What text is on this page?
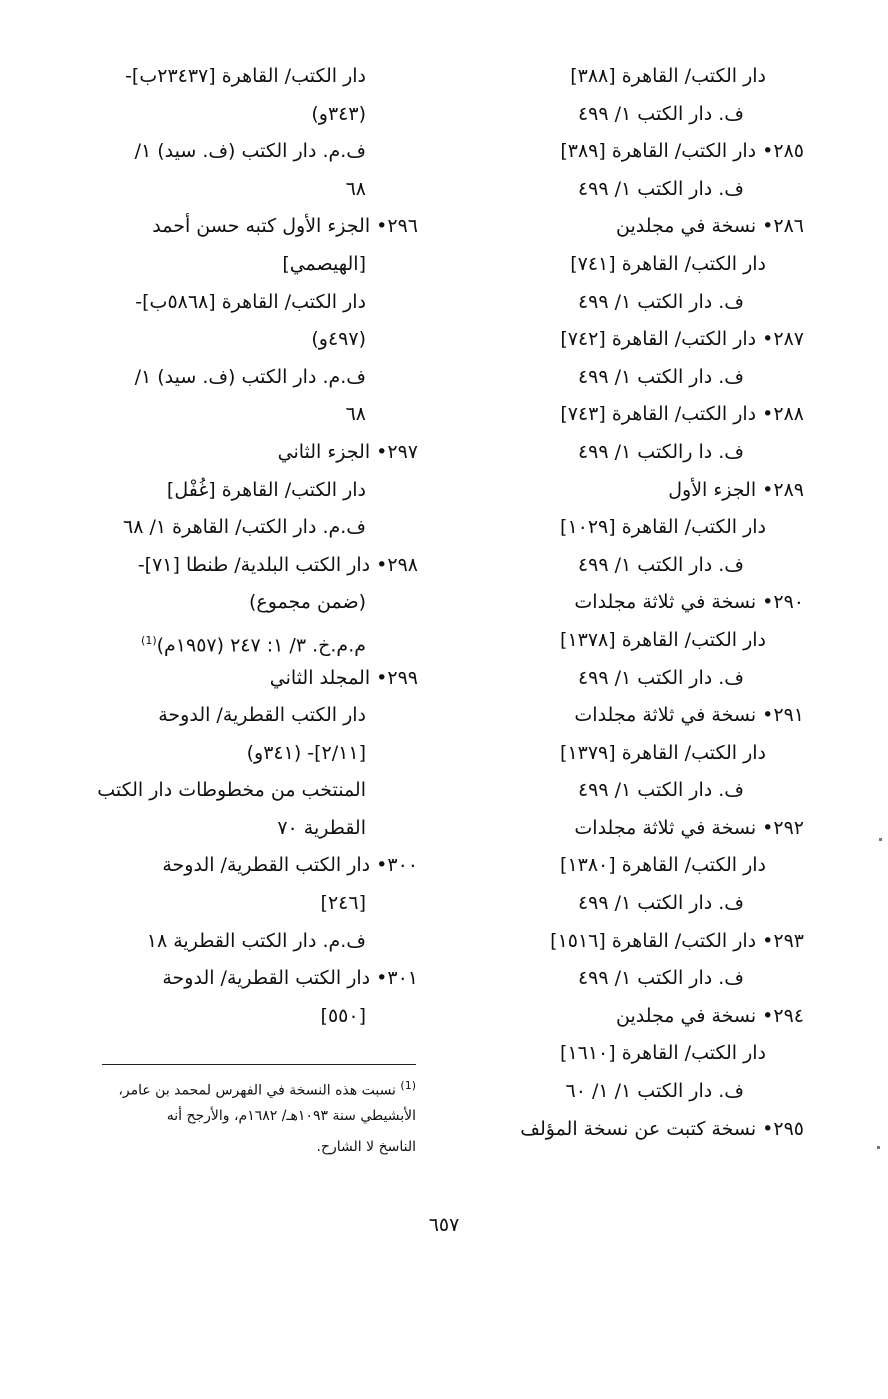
دار الكتب/ القاهرة [٣٨٨]
ف. دار الكتب ١/ ٤٩٩
٢٨٥• دار الكتب/ القاهرة [٣٨٩]
ف. دار الكتب ١/ ٤٩٩
٢٨٦• نسخة في مجلدين
دار الكتب/ القاهرة [٧٤١]
ف. دار الكتب ١/ ٤٩٩
٢٨٧• دار الكتب/ القاهرة [٧٤٢]
ف. دار الكتب ١/ ٤٩٩
٢٨٨• دار الكتب/ القاهرة [٧٤٣]
ف. دا رالكتب ١/ ٤٩٩
٢٨٩• الجزء الأول
دار الكتب/ القاهرة [١٠٢٩]
ف. دار الكتب ١/ ٤٩٩
٢٩٠• نسخة في ثلاثة مجلدات
دار الكتب/ القاهرة [١٣٧٨]
ف. دار الكتب ١/ ٤٩٩
٢٩١• نسخة في ثلاثة مجلدات
دار الكتب/ القاهرة [١٣٧٩]
ف. دار الكتب ١/ ٤٩٩
٢٩٢• نسخة في ثلاثة مجلدات
دار الكتب/ القاهرة [١٣٨٠]
ف. دار الكتب ١/ ٤٩٩
٢٩٣• دار الكتب/ القاهرة [١٥١٦]
ف. دار الكتب ١/ ٤٩٩
٢٩٤• نسخة في مجلدين
دار الكتب/ القاهرة [١٦١٠]
ف. دار الكتب ١/ ١/ ٦٠
٢٩٥• نسخة كتبت عن نسخة المؤلف
دار الكتب/ القاهرة [٢٣٤٣٧ب]-
(٣٤٣و)
ف.م. دار الكتب (ف. سيد) ١/
٦٨
٢٩٦• الجزء الأول كتبه حسن أحمد
[الهيصمي]
دار الكتب/ القاهرة [٥٨٦٨ب]-
(٤٩٧و)
ف.م. دار الكتب (ف. سيد) ١/
٦٨
٢٩٧• الجزء الثاني
دار الكتب/ القاهرة [غُفْل]
ف.م. دار الكتب/ القاهرة ١/ ٦٨
٢٩٨• دار الكتب البلدية/ طنطا [٧١]-
(ضمن مجموع)
م.م.خ. ٣/ ١: ٢٤٧ (١٩٥٧م)$^{(1)}$
٢٩٩• المجلد الثاني
دار الكتب القطرية/ الدوحة
[٢/١١]- (٣٤١و)
المنتخب من مخطوطات دار الكتب
القطرية ٧٠
٣٠٠• دار الكتب القطرية/ الدوحة
[٢٤٦]
ف.م. دار الكتب القطرية ١٨
٣٠١• دار الكتب القطرية/ الدوحة
[٥٥٠]
$^{(1)}$ نسبت هذه النسخة في الفهرس لمحمد بن عامر،
الأبشيطي سنة ١٠٩٣هـ/ ١٦٨٢م، والأرجح أنه
الناسخ لا الشارح.
٦٥٧
